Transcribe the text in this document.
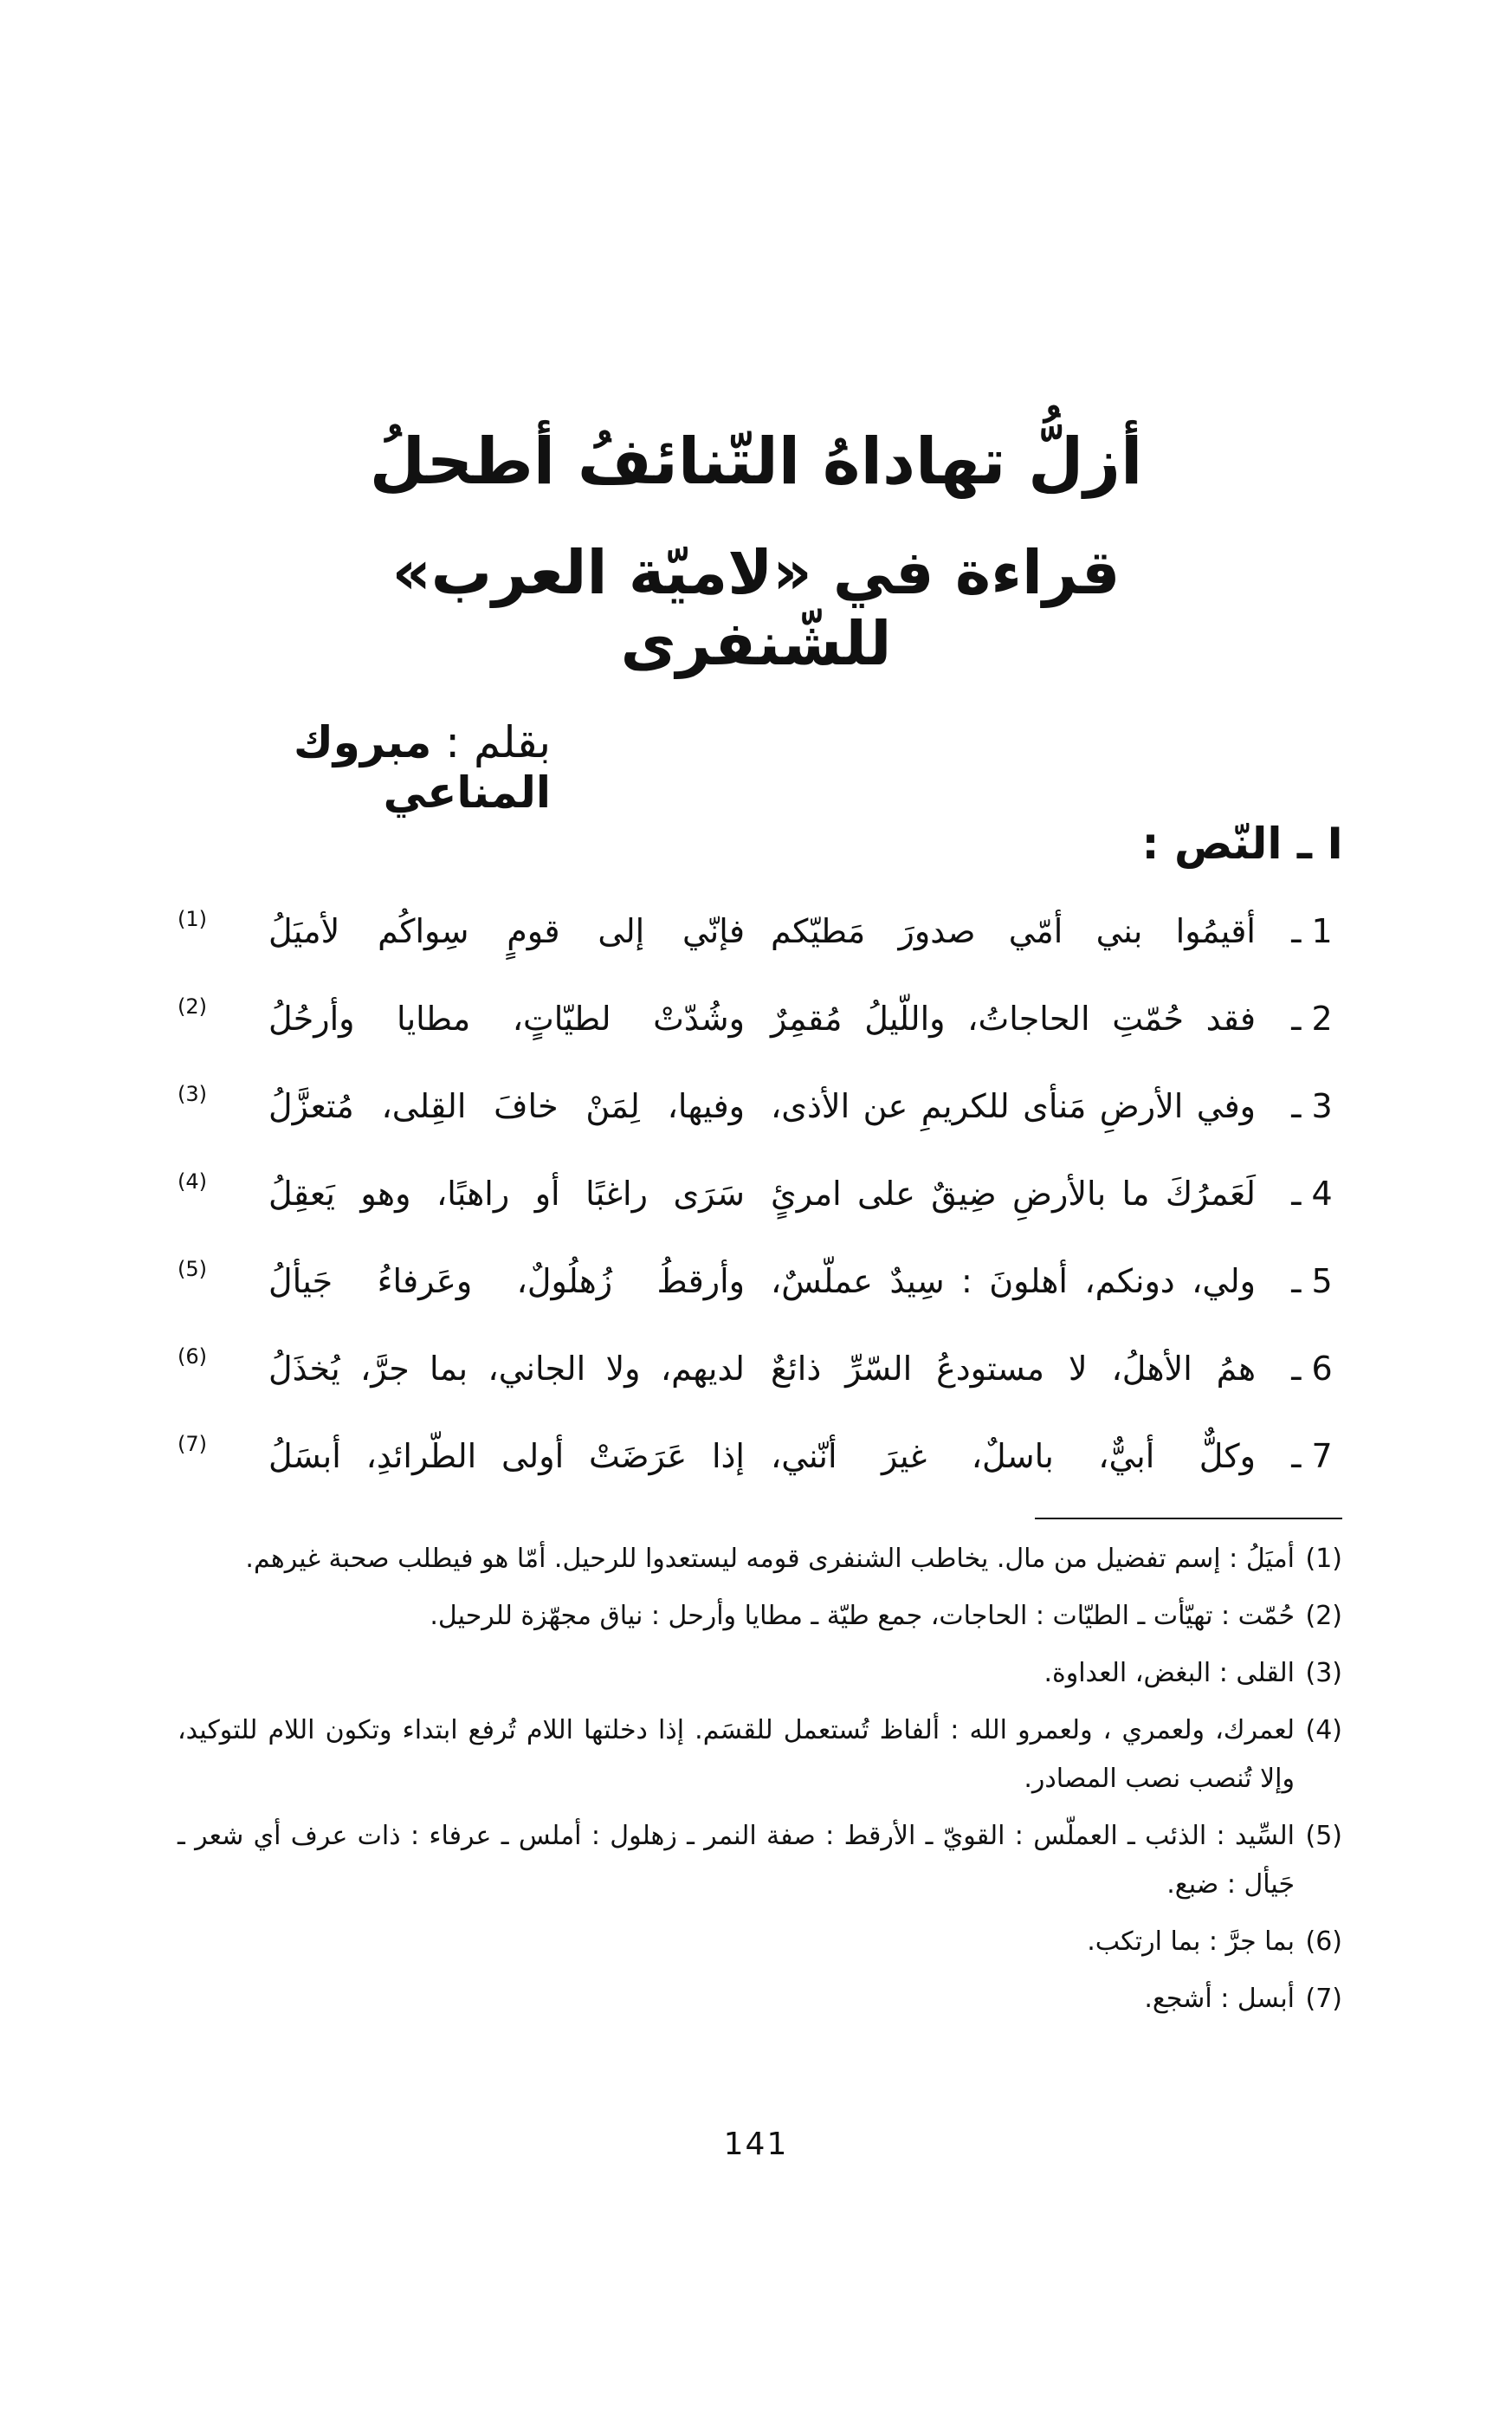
أزلُّ تهاداهُ التّنائفُ أطحلُ
قراءة في «لاميّة العرب» للشّنفرى
بقلم : مبروك المناعي
I ـ النّص :
1 ـ
أقيمُوا بني أمّي صدورَ مَطيّكم
فإنّي إلى قومٍ سِواكُم لأميَلُ
(1)
2 ـ
فقد حُمّتِ الحاجاتُ، واللّيلُ مُقمِرٌ
وشُدّتْ لطيّاتٍ، مطايا وأرحُلُ
(2)
3 ـ
وفي الأرضِ مَنأى للكريمِ عن الأذى،
وفيها، لِمَنْ خافَ القِلى، مُتعزَّلُ
(3)
4 ـ
لَعَمرُكَ ما بالأرضِ ضِيقٌ على امرئٍ
سَرَى راغبًا أو راهبًا، وهو يَعقِلُ
(4)
5 ـ
ولي، دونكم، أهلونَ : سِيدٌ عملّسٌ،
وأرقطُ زُهلُولٌ، وعَرفاءُ جَيألُ
(5)
6 ـ
همُ الأهلُ، لا مستودعُ السّرِّ ذائعٌ
لديهم، ولا الجاني، بما جرَّ، يُخذَلُ
(6)
7 ـ
وكلٌّ أبيٌّ، باسلٌ، غيرَ أنّني،
إذا عَرَضَتْ أولى الطّرائدِ، أبسَلُ
(7)
(1)
أميَلُ : إسم تفضيل من مال. يخاطب الشنفرى قومه ليستعدوا للرحيل. أمّا هو فيطلب صحبة غيرهم.
(2)
حُمّت : تهيّأت ـ الطيّات : الحاجات، جمع طيّة ـ مطايا وأرحل : نياق مجهّزة للرحيل.
(3)
القلى : البغض، العداوة.
(4)
لعمرك، ولعمري ، ولعمرو الله : ألفاظ تُستعمل للقسَم. إذا دخلتها اللام تُرفع ابتداء وتكون اللام للتوكيد، وإلا تُنصب نصب المصادر.
(5)
السِّيد : الذئب ـ العملّس : القويّ ـ الأرقط : صفة النمر ـ زهلول : أملس ـ عرفاء : ذات عرف أي شعر ـ جَيأل : ضبع.
(6)
بما جرَّ : بما ارتكب.
(7)
أبسل : أشجع.
141
